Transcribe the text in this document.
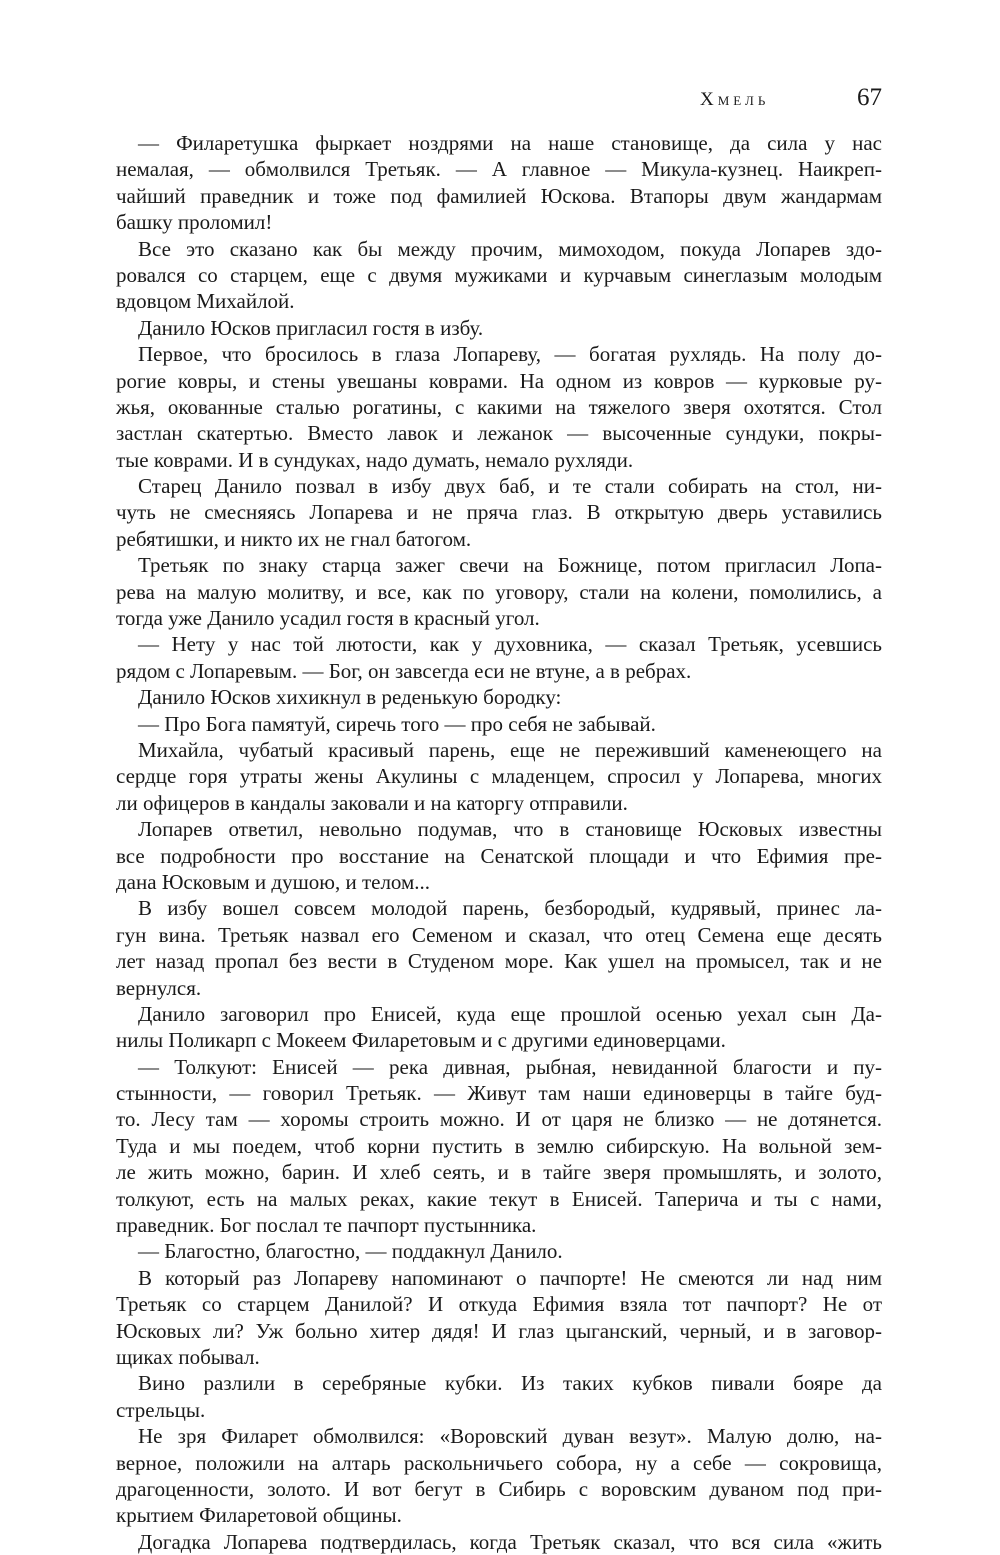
Хмель	67
— Филаретушка фыркает ноздрями на наше становище, да сила у нас
немалая, — обмолвился Третьяк. — А главное — Микула-кузнец. Наикреп-
чайший праведник и тоже под фамилией Юскова. Втапоры двум жандармам
башку проломил!
Все это сказано как бы между прочим, мимоходом, покуда Лопарев здо-
ровался со старцем, еще с двумя мужиками и курчавым синеглазым молодым
вдовцом Михайлой.
Данило Юсков пригласил гостя в избу.
Первое, что бросилось в глаза Лопареву, — богатая рухлядь. На полу до-
рогие ковры, и стены увешаны коврами. На одном из ковров — курковые ру-
жья, окованные сталью рогатины, с какими на тяжелого зверя охотятся. Стол
застлан скатертью. Вместо лавок и лежанок — высоченные сундуки, покры-
тые коврами. И в сундуках, надо думать, немало рухляди.
Старец Данило позвал в избу двух баб, и те стали собирать на стол, ни-
чуть не смесняясь Лопарева и не пряча глаз. В открытую дверь уставились
ребятишки, и никто их не гнал батогом.
Третьяк по знаку старца зажег свечи на Божнице, потом пригласил Лопа-
рева на малую молитву, и все, как по уговору, стали на колени, помолились, а
тогда уже Данило усадил гостя в красный угол.
— Нету у нас той лютости, как у духовника, — сказал Третьяк, усевшись
рядом с Лопаревым. — Бог, он завсегда еси не втуне, а в ребрах.
Данило Юсков хихикнул в реденькую бородку:
— Про Бога памятуй, сиречь того — про себя не забывай.
Михайла, чубатый красивый парень, еще не переживший каменеющего на
сердце горя утраты жены Акулины с младенцем, спросил у Лопарева, многих
ли офицеров в кандалы заковали и на каторгу отправили.
Лопарев ответил, невольно подумав, что в становище Юсковых известны
все подробности про восстание на Сенатской площади и что Ефимия пре-
дана Юсковым и душою, и телом...
В избу вошел совсем молодой парень, безбородый, кудрявый, принес ла-
гун вина. Третьяк назвал его Семеном и сказал, что отец Семена еще десять
лет назад пропал без вести в Студеном море. Как ушел на промысел, так и не
вернулся.
Данило заговорил про Енисей, куда еще прошлой осенью уехал сын Да-
нилы Поликарп с Мокеем Филаретовым и с другими единоверцами.
— Толкуют: Енисей — река дивная, рыбная, невиданной благости и пу-
стынности, — говорил Третьяк. — Живут там наши единоверцы в тайге буд-
то. Лесу там — хоромы строить можно. И от царя не близко — не дотянется.
Туда и мы поедем, чтоб корни пустить в землю сибирскую. На вольной зем-
ле жить можно, барин. И хлеб сеять, и в тайге зверя промышлять, и золото,
толкуют, есть на малых реках, какие текут в Енисей. Таперича и ты с нами,
праведник. Бог послал те пачпорт пустынника.
— Благостно, благостно, — поддакнул Данило.
В который раз Лопареву напоминают о пачпорте! Не смеются ли над ним
Третьяк со старцем Данилой? И откуда Ефимия взяла тот пачпорт? Не от
Юсковых ли? Уж больно хитер дядя! И глаз цыганский, черный, и в заговор-
щиках побывал.
Вино разлили в серебряные кубки. Из таких кубков пивали бояре да
стрельцы.
Не зря Филарет обмолвился: «Воровский дуван везут». Малую долю, на-
верное, положили на алтарь раскольничьего собора, ну а себе — сокровища,
драгоценности, золото. И вот бегут в Сибирь с воровским дуваном под при-
крытием Филаретовой общины.
Догадка Лопарева подтвердилась, когда Третьяк сказал, что вся сила «жить
